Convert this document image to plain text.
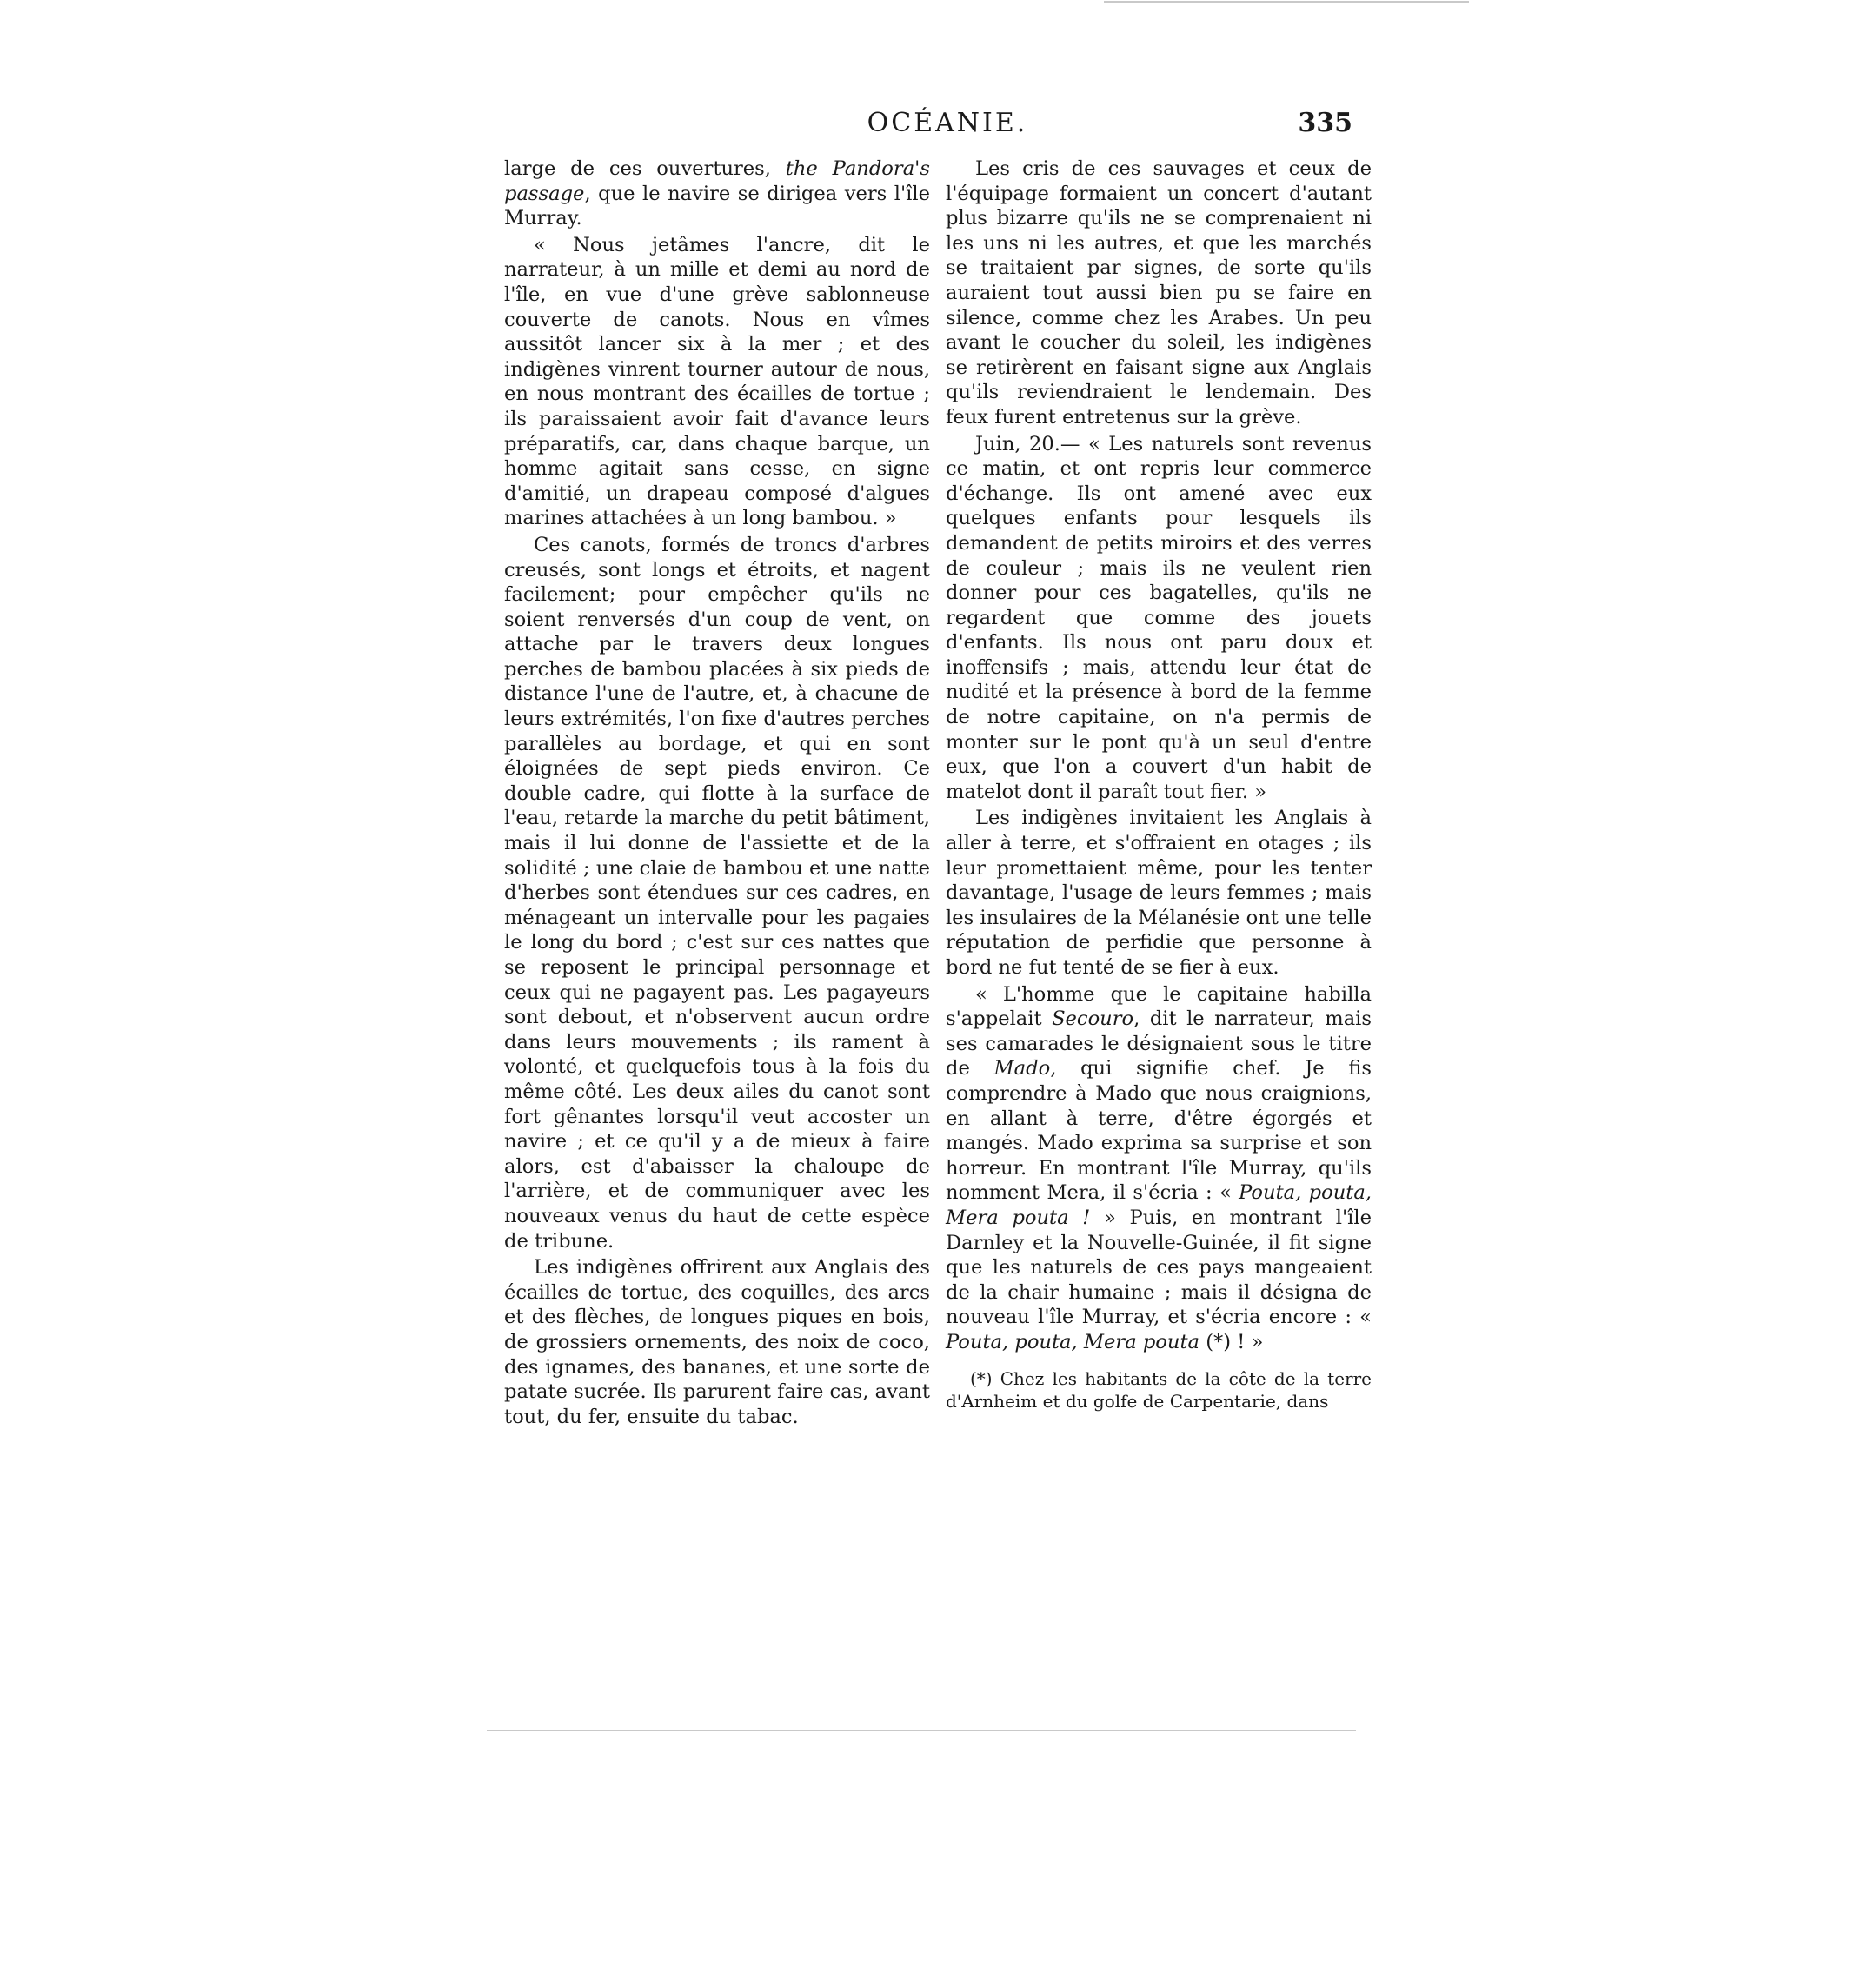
OCÉANIE.	335

large de ces ouvertures, the Pandora's passage, que le navire se dirigea vers l'île Murray.

« Nous jetâmes l'ancre, dit le narrateur, à un mille et demi au nord de l'île, en vue d'une grève sablonneuse couverte de canots. Nous en vîmes aussitôt lancer six à la mer ; et des indigènes vinrent tourner autour de nous, en nous montrant des écailles de tortue ; ils paraissaient avoir fait d'avance leurs préparatifs, car, dans chaque barque, un homme agitait sans cesse, en signe d'amitié, un drapeau composé d'algues marines attachées à un long bambou. »

Ces canots, formés de troncs d'arbres creusés, sont longs et étroits, et nagent facilement; pour empêcher qu'ils ne soient renversés d'un coup de vent, on attache par le travers deux longues perches de bambou placées à six pieds de distance l'une de l'autre, et, à chacune de leurs extrémités, l'on fixe d'autres perches parallèles au bordage, et qui en sont éloignées de sept pieds environ. Ce double cadre, qui flotte à la surface de l'eau, retarde la marche du petit bâtiment, mais il lui donne de l'assiette et de la solidité ; une claie de bambou et une natte d'herbes sont étendues sur ces cadres, en ménageant un intervalle pour les pagaies le long du bord ; c'est sur ces nattes que se reposent le principal personnage et ceux qui ne pagayent pas. Les pagayeurs sont debout, et n'observent aucun ordre dans leurs mouvements ; ils rament à volonté, et quelquefois tous à la fois du même côté. Les deux ailes du canot sont fort gênantes lorsqu'il veut accoster un navire ; et ce qu'il y a de mieux à faire alors, est d'abaisser la chaloupe de l'arrière, et de communiquer avec les nouveaux venus du haut de cette espèce de tribune.

Les indigènes offrirent aux Anglais des écailles de tortue, des coquilles, des arcs et des flèches, de longues piques en bois, de grossiers ornements, des noix de coco, des ignames, des bananes, et une sorte de patate sucrée. Ils parurent faire cas, avant tout, du fer, ensuite du tabac.

Les cris de ces sauvages et ceux de l'équipage formaient un concert d'autant plus bizarre qu'ils ne se comprenaient ni les uns ni les autres, et que les marchés se traitaient par signes, de sorte qu'ils auraient tout aussi bien pu se faire en silence, comme chez les Arabes. Un peu avant le coucher du soleil, les indigènes se retirèrent en faisant signe aux Anglais qu'ils reviendraient le lendemain. Des feux furent entretenus sur la grève.

Juin, 20.— « Les naturels sont revenus ce matin, et ont repris leur commerce d'échange. Ils ont amené avec eux quelques enfants pour lesquels ils demandent de petits miroirs et des verres de couleur ; mais ils ne veulent rien donner pour ces bagatelles, qu'ils ne regardent que comme des jouets d'enfants. Ils nous ont paru doux et inoffensifs ; mais, attendu leur état de nudité et la présence à bord de la femme de notre capitaine, on n'a permis de monter sur le pont qu'à un seul d'entre eux, que l'on a couvert d'un habit de matelot dont il paraît tout fier. »

Les indigènes invitaient les Anglais à aller à terre, et s'offraient en otages ; ils leur promettaient même, pour les tenter davantage, l'usage de leurs femmes ; mais les insulaires de la Mélanésie ont une telle réputation de perfidie que personne à bord ne fut tenté de se fier à eux.

« L'homme que le capitaine habilla s'appelait Secouro, dit le narrateur, mais ses camarades le désignaient sous le titre de Mado, qui signifie chef. Je fis comprendre à Mado que nous craignions, en allant à terre, d'être égorgés et mangés. Mado exprima sa surprise et son horreur. En montrant l'île Murray, qu'ils nomment Mera, il s'écria : « Pouta, pouta, Mera pouta ! » Puis, en montrant l'île Darnley et la Nouvelle-Guinée, il fit signe que les naturels de ces pays mangeaient de la chair humaine ; mais il désigna de nouveau l'île Murray, et s'écria encore : « Pouta, pouta, Mera pouta (*) ! »

(*) Chez les habitants de la côte de la terre d'Arnheim et du golfe de Carpentarie, dans
